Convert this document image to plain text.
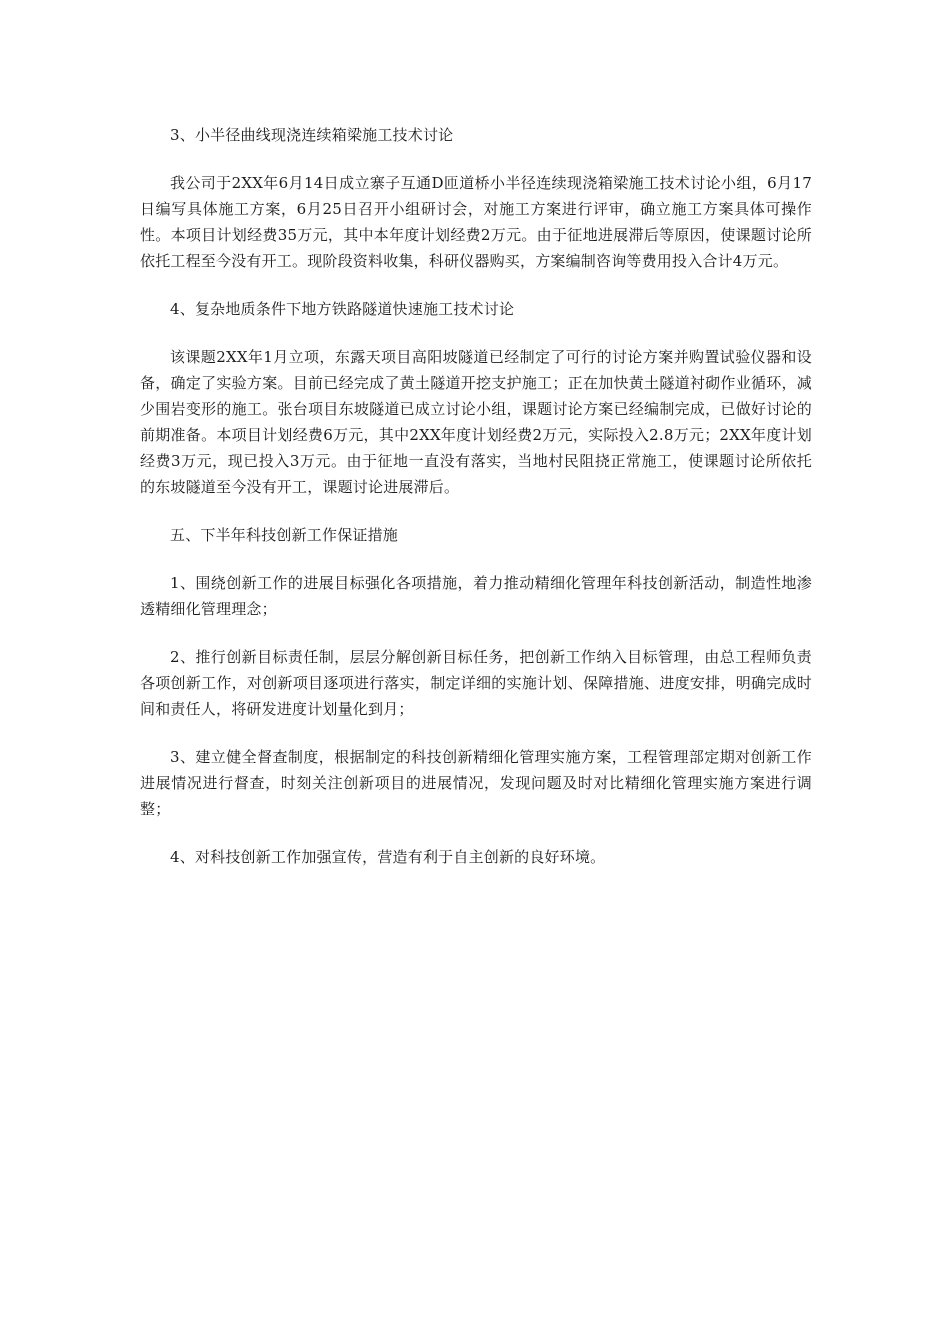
3、小半径曲线现浇连续箱梁施工技术讨论

我公司于2XX年6月14日成立寨子互通D匝道桥小半径连续现浇箱梁施工技术讨论小组，6月17日编写具体施工方案，6月25日召开小组研讨会，对施工方案进行评审，确立施工方案具体可操作性。本项目计划经费35万元，其中本年度计划经费2万元。由于征地进展滞后等原因，使课题讨论所依托工程至今没有开工。现阶段资料收集，科研仪器购买，方案编制咨询等费用投入合计4万元。

4、复杂地质条件下地方铁路隧道快速施工技术讨论

该课题2XX年1月立项，东露天项目高阳坡隧道已经制定了可行的讨论方案并购置试验仪器和设备，确定了实验方案。目前已经完成了黄土隧道开挖支护施工；正在加快黄土隧道衬砌作业循环，减少围岩变形的施工。张台项目东坡隧道已成立讨论小组，课题讨论方案已经编制完成，已做好讨论的前期准备。本项目计划经费6万元，其中2XX年度计划经费2万元，实际投入2.8万元；2XX年度计划经费3万元，现已投入3万元。由于征地一直没有落实，当地村民阻挠正常施工，使课题讨论所依托的东坡隧道至今没有开工，课题讨论进展滞后。

五、下半年科技创新工作保证措施

1、围绕创新工作的进展目标强化各项措施，着力推动精细化管理年科技创新活动，制造性地渗透精细化管理理念；

2、推行创新目标责任制，层层分解创新目标任务，把创新工作纳入目标管理，由总工程师负责各项创新工作，对创新项目逐项进行落实，制定详细的实施计划、保障措施、进度安排，明确完成时间和责任人，将研发进度计划量化到月；

3、建立健全督查制度，根据制定的科技创新精细化管理实施方案，工程管理部定期对创新工作进展情况进行督查，时刻关注创新项目的进展情况，发现问题及时对比精细化管理实施方案进行调整；

4、对科技创新工作加强宣传，营造有利于自主创新的良好环境。
